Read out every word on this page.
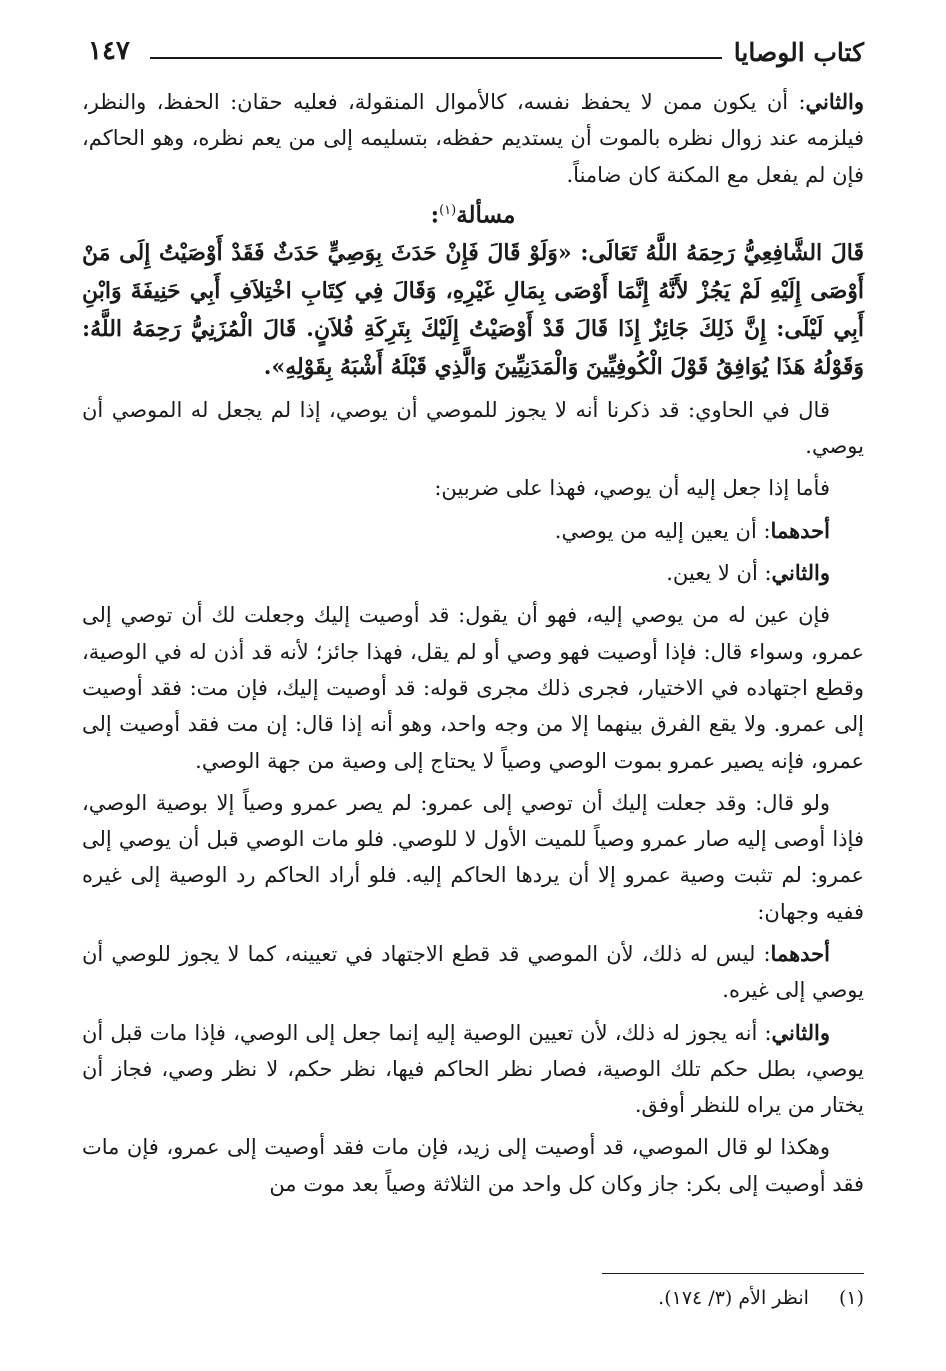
كتاب الوصايا
١٤٧

والثاني: أن يكون ممن لا يحفظ نفسه، كالأموال المنقولة، فعليه حقان: الحفظ، والنظر، فيلزمه عند زوال نظره بالموت أن يستديم حفظه، بتسليمه إلى من يعم نظره، وهو الحاكم، فإن لم يفعل مع المكنة كان ضامناً.

مسألة$^{(١)}$:

قَالَ الشَّافِعِيُّ رَحِمَهُ اللَّهُ تَعَالَى: «وَلَوْ قَالَ فَإِنْ حَدَثَ بِوَصِيٍّ حَدَثٌ فَقَدْ أَوْصَيْتُ إِلَى مَنْ أَوْصَى إِلَيْهِ لَمْ يَجُزْ لأَنَّهُ إِنَّمَا أَوْصَى بِمَالِ غَيْرِهِ، وَقَالَ فِي كِتَابِ اخْتِلاَفِ أَبِي حَنِيفَةَ وَابْنِ أَبِي لَيْلَى: إِنَّ ذَلِكَ جَائِزٌ إِذَا قَالَ قَدْ أَوْصَيْتُ إِلَيْكَ بِتَرِكَةِ فُلاَنٍ. قَالَ الْمُزَنِيُّ رَحِمَهُ اللَّهُ: وَقَوْلُهُ هَذَا يُوَافِقُ قَوْلَ الْكُوفِيِّينَ وَالْمَدَنِيِّينَ وَالَّذِي قَبْلَهُ أَشْبَهُ بِقَوْلِهِ».

قال في الحاوي: قد ذكرنا أنه لا يجوز للموصي أن يوصي، إذا لم يجعل له الموصي أن يوصي.

فأما إذا جعل إليه أن يوصي، فهذا على ضربين:

أحدهما: أن يعين إليه من يوصي.

والثاني: أن لا يعين.

فإن عين له من يوصي إليه، فهو أن يقول: قد أوصيت إليك وجعلت لك أن توصي إلى عمرو، وسواء قال: فإذا أوصيت فهو وصي أو لم يقل، فهذا جائز؛ لأنه قد أذن له في الوصية، وقطع اجتهاده في الاختيار، فجرى ذلك مجرى قوله: قد أوصيت إليك، فإن مت: فقد أوصيت إلى عمرو. ولا يقع الفرق بينهما إلا من وجه واحد، وهو أنه إذا قال: إن مت فقد أوصيت إلى عمرو، فإنه يصير عمرو بموت الوصي وصياً لا يحتاج إلى وصية من جهة الوصي.

ولو قال: وقد جعلت إليك أن توصي إلى عمرو: لم يصر عمرو وصياً إلا بوصية الوصي، فإذا أوصى إليه صار عمرو وصياً للميت الأول لا للوصي. فلو مات الوصي قبل أن يوصي إلى عمرو: لم تثبت وصية عمرو إلا أن يردها الحاكم إليه. فلو أراد الحاكم رد الوصية إلى غيره ففيه وجهان:

أحدهما: ليس له ذلك، لأن الموصي قد قطع الاجتهاد في تعيينه، كما لا يجوز للوصي أن يوصي إلى غيره.

والثاني: أنه يجوز له ذلك، لأن تعيين الوصية إليه إنما جعل إلى الوصي، فإذا مات قبل أن يوصي، بطل حكم تلك الوصية، فصار نظر الحاكم فيها، نظر حكم، لا نظر وصي، فجاز أن يختار من يراه للنظر أوفق.

وهكذا لو قال الموصي، قد أوصيت إلى زيد، فإن مات فقد أوصيت إلى عمرو، فإن مات فقد أوصيت إلى بكر: جاز وكان كل واحد من الثلاثة وصياً بعد موت من

(١)انظر الأم (٣/ ١٧٤).
